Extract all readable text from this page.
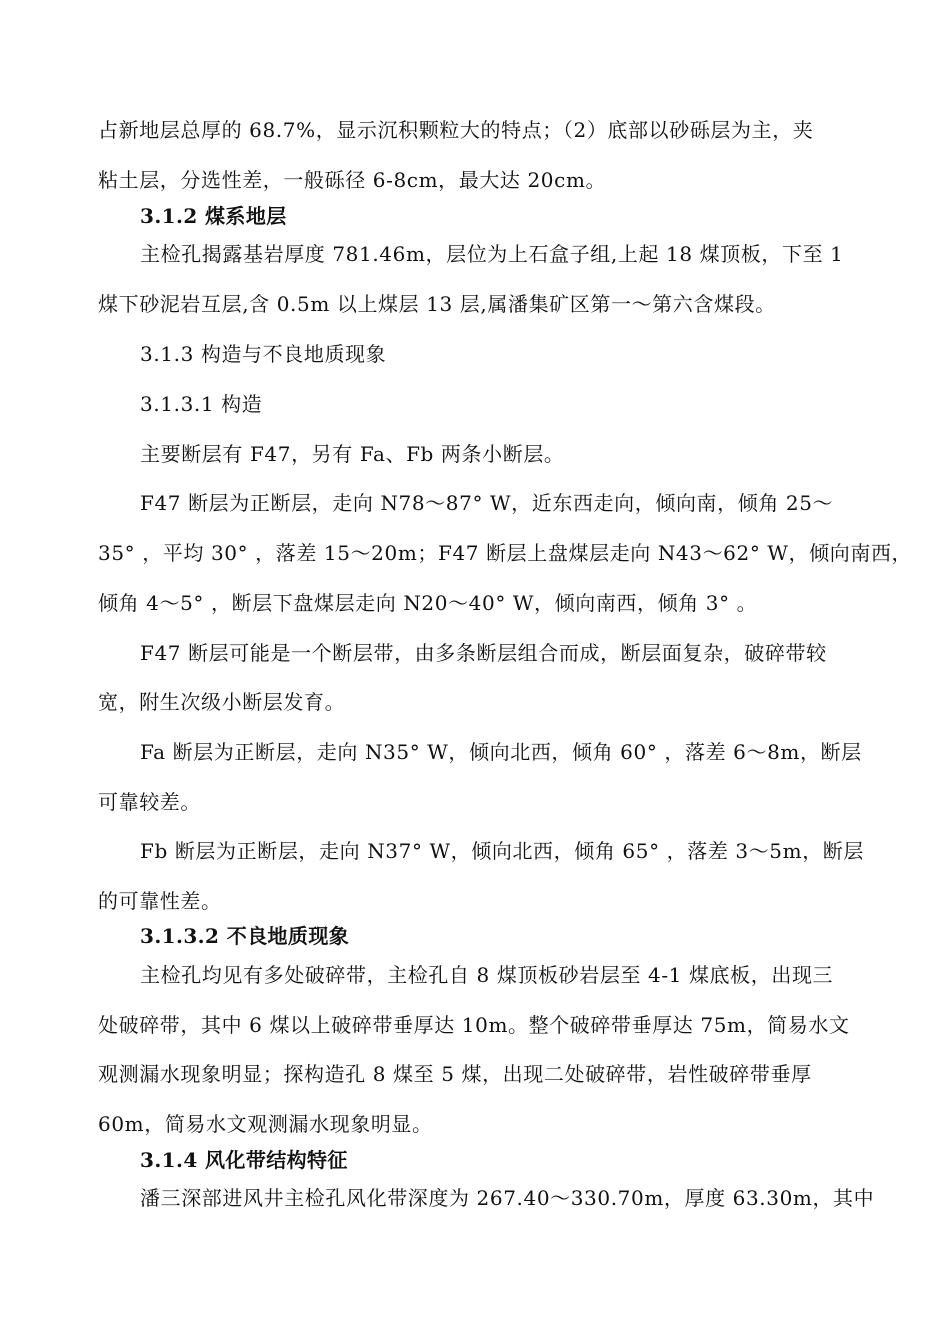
占新地层总厚的 68.7%，显示沉积颗粒大的特点；（2）底部以砂砾层为主，夹
粘土层，分选性差，一般砾径 6-8cm，最大达 20cm。
3.1.2 煤系地层
主检孔揭露基岩厚度 781.46m，层位为上石盒子组,上起 18 煤顶板，下至 1
煤下砂泥岩互层,含 0.5m 以上煤层 13 层,属潘集矿区第一～第六含煤段。
3.1.3 构造与不良地质现象
3.1.3.1 构造
主要断层有 F47，另有 Fa、Fb 两条小断层。
F47 断层为正断层，走向 N78～87° W，近东西走向，倾向南，倾角 25～
35° ，平均 30° ，落差 15～20m；F47 断层上盘煤层走向 N43～62° W，倾向南西，
倾角 4～5° ，断层下盘煤层走向 N20～40° W，倾向南西，倾角 3° 。
F47 断层可能是一个断层带，由多条断层组合而成，断层面复杂，破碎带较
宽，附生次级小断层发育。
Fa 断层为正断层，走向 N35° W，倾向北西，倾角 60° ，落差 6～8m，断层
可靠较差。
Fb 断层为正断层，走向 N37° W，倾向北西，倾角 65° ，落差 3～5m，断层
的可靠性差。
3.1.3.2 不良地质现象
主检孔均见有多处破碎带，主检孔自 8 煤顶板砂岩层至 4-1 煤底板，出现三
处破碎带，其中 6 煤以上破碎带垂厚达 10m。整个破碎带垂厚达 75m，简易水文
观测漏水现象明显；探构造孔 8 煤至 5 煤，出现二处破碎带，岩性破碎带垂厚
60m，简易水文观测漏水现象明显。
3.1.4 风化带结构特征
潘三深部进风井主检孔风化带深度为 267.40～330.70m，厚度 63.30m，其中
